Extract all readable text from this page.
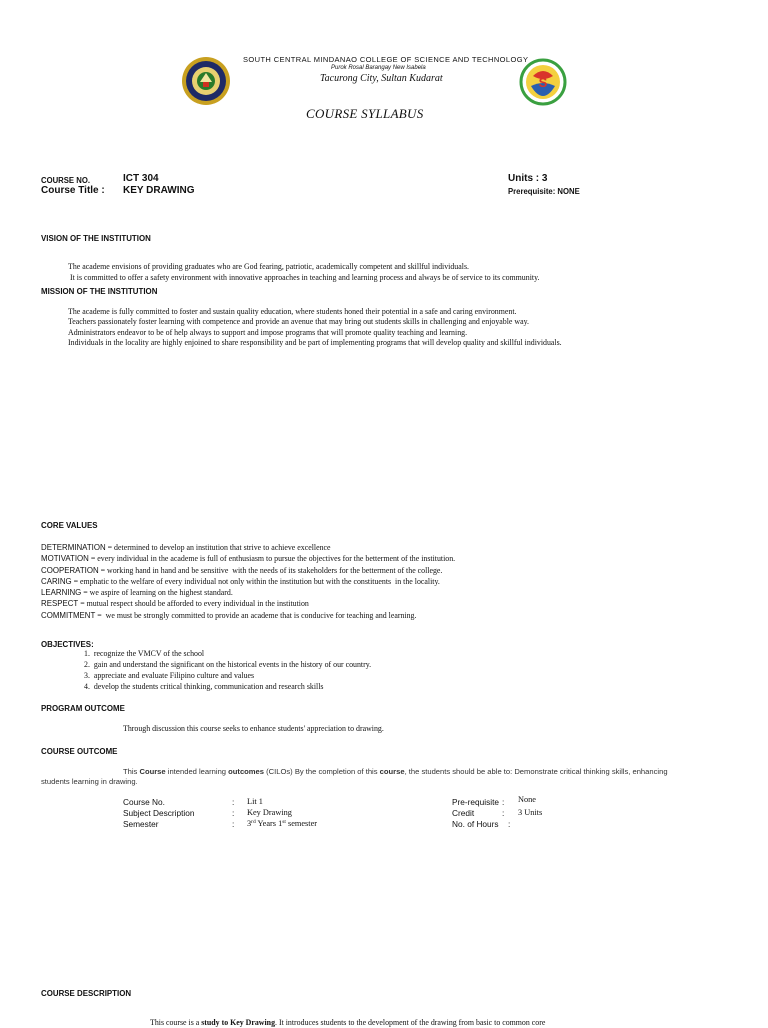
S
SOUTH CENTRAL MINDANAO COLLEGE OF SCIENCE AND TECHNOLOGY
Purok Rosal Barangay New Isabela
Tacurong City, Sultan Kudarat
COURSE SYLLABUS
COURSE NO.	ICT 304
Course Title : KEY DRAWING
Units : 3
Prerequisite: NONE
VISION OF THE INSTITUTION

The academe envisions of providing graduates who are God fearing, patriotic, academically competent and skillful individuals.
It is committed to offer a safety environment with innovative approaches in teaching and learning process and always be of service to its community.
MISSION OF THE INSTITUTION
The academe is fully committed to foster and sustain quality education, where students honed their potential in a safe and caring environment.
Teachers passionately foster learning with competence and provide an avenue that may bring out students skills in challenging and enjoyable way.
Administrators endeavor to be of help always to support and impose programs that will promote quality teaching and learning.
Individuals in the locality are highly enjoined to share responsibility and be part of implementing programs that will develop quality and skillful individuals.
CORE VALUES
DETERMINATION = determined to develop an institution that strive to achieve excellence
MOTIVATION = every individual in the academe is full of enthusiasm to pursue the objectives for the betterment of the institution.
COOPERATION = working hand in hand and be sensitive  with the needs of its stakeholders for the betterment of the college.
CARING = emphatic to the welfare of every individual not only within the institution but with the constituents  in the locality.
LEARNING = we aspire of learning on the highest standard.
RESPECT = mutual respect should be afforded to every individual in the institution
COMMITMENT =  we must be strongly committed to provide an academe that is conducive for teaching and learning.
OBJECTIVES:
1. recognize the VMCV of the school
2. gain and understand the significant on the historical events in the history of our country.
3. appreciate and evaluate Filipino culture and values
4. develop the students critical thinking, communication and research skills
PROGRAM OUTCOME
Through discussion this course seeks to enhance students' appreciation to drawing.
COURSE OUTCOME
This Course intended learning outcomes (CILOs) By the completion of this course, the students should be able to: Demonstrate critical thinking skills, enhancing
students learning in drawing.
Course No.
Subject Description
Semester
:
:
:
Lit 1
Key Drawing
3rd Years 1st semester
Pre-requisite
Credit
No. of Hours
:
:
:
None
3 Units
COURSE DESCRIPTION
This course is a study to Key Drawing. It introduces students to the development of the drawing from basic to common core
